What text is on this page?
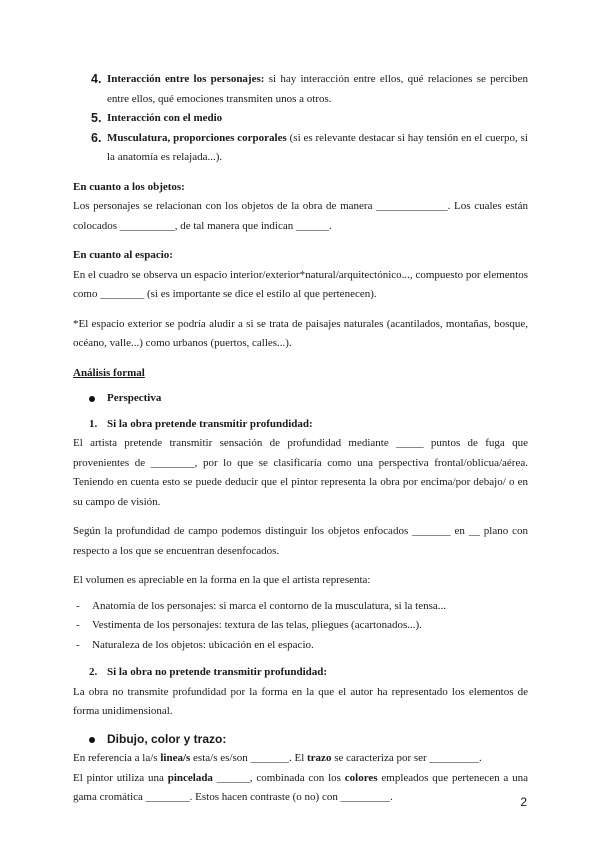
4. Interacción entre los personajes: si hay interacción entre ellos, qué relaciones se perciben entre ellos, qué emociones transmiten unos a otros.
5. Interacción con el medio
6. Musculatura, proporciones corporales (si es relevante destacar si hay tensión en el cuerpo, si la anatomía es relajada...).

En cuanto a los objetos:

Los personajes se relacionan con los objetos de la obra de manera _____________. Los cuales están colocados __________, de tal manera que indican ______.

En cuanto al espacio:

En el cuadro se observa un espacio interior/exterior*natural/arquitectónico..., compuesto por elementos como ________ (si es importante se dice el estilo al que pertenecen).

*El espacio exterior se podría aludir a si se trata de paisajes naturales (acantilados, montañas, bosque, océano, valle...) como urbanos (puertos, calles...).

Análisis formal

Perspectiva
1. Si la obra pretende transmitir profundidad:

El artista pretende transmitir sensación de profundidad mediante _____ puntos de fuga que provenientes de ________, por lo que se clasificaría como una perspectiva frontal/oblicua/aérea. Teniendo en cuenta esto se puede deducir que el pintor representa la obra por encima/por debajo/ o en su campo de visión.

Según la profundidad de campo podemos distinguir los objetos enfocados _______ en __ plano con respecto a los que se encuentran desenfocados.

El volumen es apreciable en la forma en la que el artista representa:

- Anatomía de los personajes: si marca el contorno de la musculatura, si la tensa...
- Vestimenta de los personajes: textura de las telas, pliegues (acartonados...).
- Naturaleza de los objetos: ubicación en el espacio.
2. Si la obra no pretende transmitir profundidad:

La obra no transmite profundidad por la forma en la que el autor ha representado los elementos de forma unidimensional.

Dibujo, color y trazo:

En referencia a la/s linea/s esta/s es/son _______. El trazo se caracteriza por ser _________.

El pintor utiliza una pincelada ______, combinada con los colores empleados que pertenecen a una gama cromática ________. Estos hacen contraste (o no) con _________.	2
